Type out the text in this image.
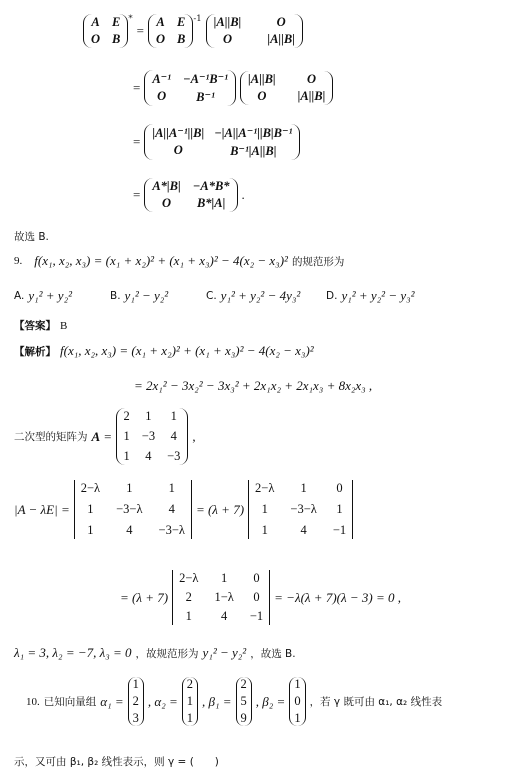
A E
O B
*
=
A E
O B
$^{-1}$ |A||B|	O
O	|A||B|
=
A⁻¹ −A⁻¹B⁻¹
O	B⁻¹
|A||B|	O
O	|A||B|
=
|A||A⁻¹||B| −|A||A⁻¹||B|B⁻¹
O	B⁻¹|A||B|
=
A*|B| −A*B*
O	B*|A|
.
故选 B.
9. f(x₁, x₂, x₃) = (x₁ + x₂)² + (x₁ + x₃)² − 4(x₂ − x₃)² 的规范形为
A. y₁² + y₂²	B. y₁² − y₂²	C. y₁² + y₂² − 4y₃² D. y₁² + y₂² − y₃²
【答案】 B
【解析】 f(x₁, x₂, x₃) = (x₁ + x₂)² + (x₁ + x₃)² − 4(x₂ − x₃)²
= 2x₁² − 3x₂² − 3x₃² + 2x₁x₂ + 2x₁x₃ + 8x₂x₃ ,
二次型的矩阵为 A =
2 1 1
1 −3 4
1 4 −3
,
|A − λE| =
2−λ	1	1
1	−3−λ	4
1	4	−3−λ
= (λ + 7)
2−λ	1	0
1	−3−λ 1
1	4	−1
= (λ + 7)
2−λ	1	0
2	1−λ 0
1	4	−1
= −λ(λ + 7)(λ − 3) = 0 ,
λ₁ = 3, λ₂ = −7, λ₃ = 0 ，故规范形为 y₁² − y₂² ，故选 B.
10. 已知向量组 α₁ =
1
2
3
, α₂ =
2
1
1
, β₁ =
2
5
9
, β₂ =
1
0
1
，若 γ 既可由 α₁, α₂ 线性表
示，又可由 β₁, β₂ 线性表示，则 γ = (　　)
